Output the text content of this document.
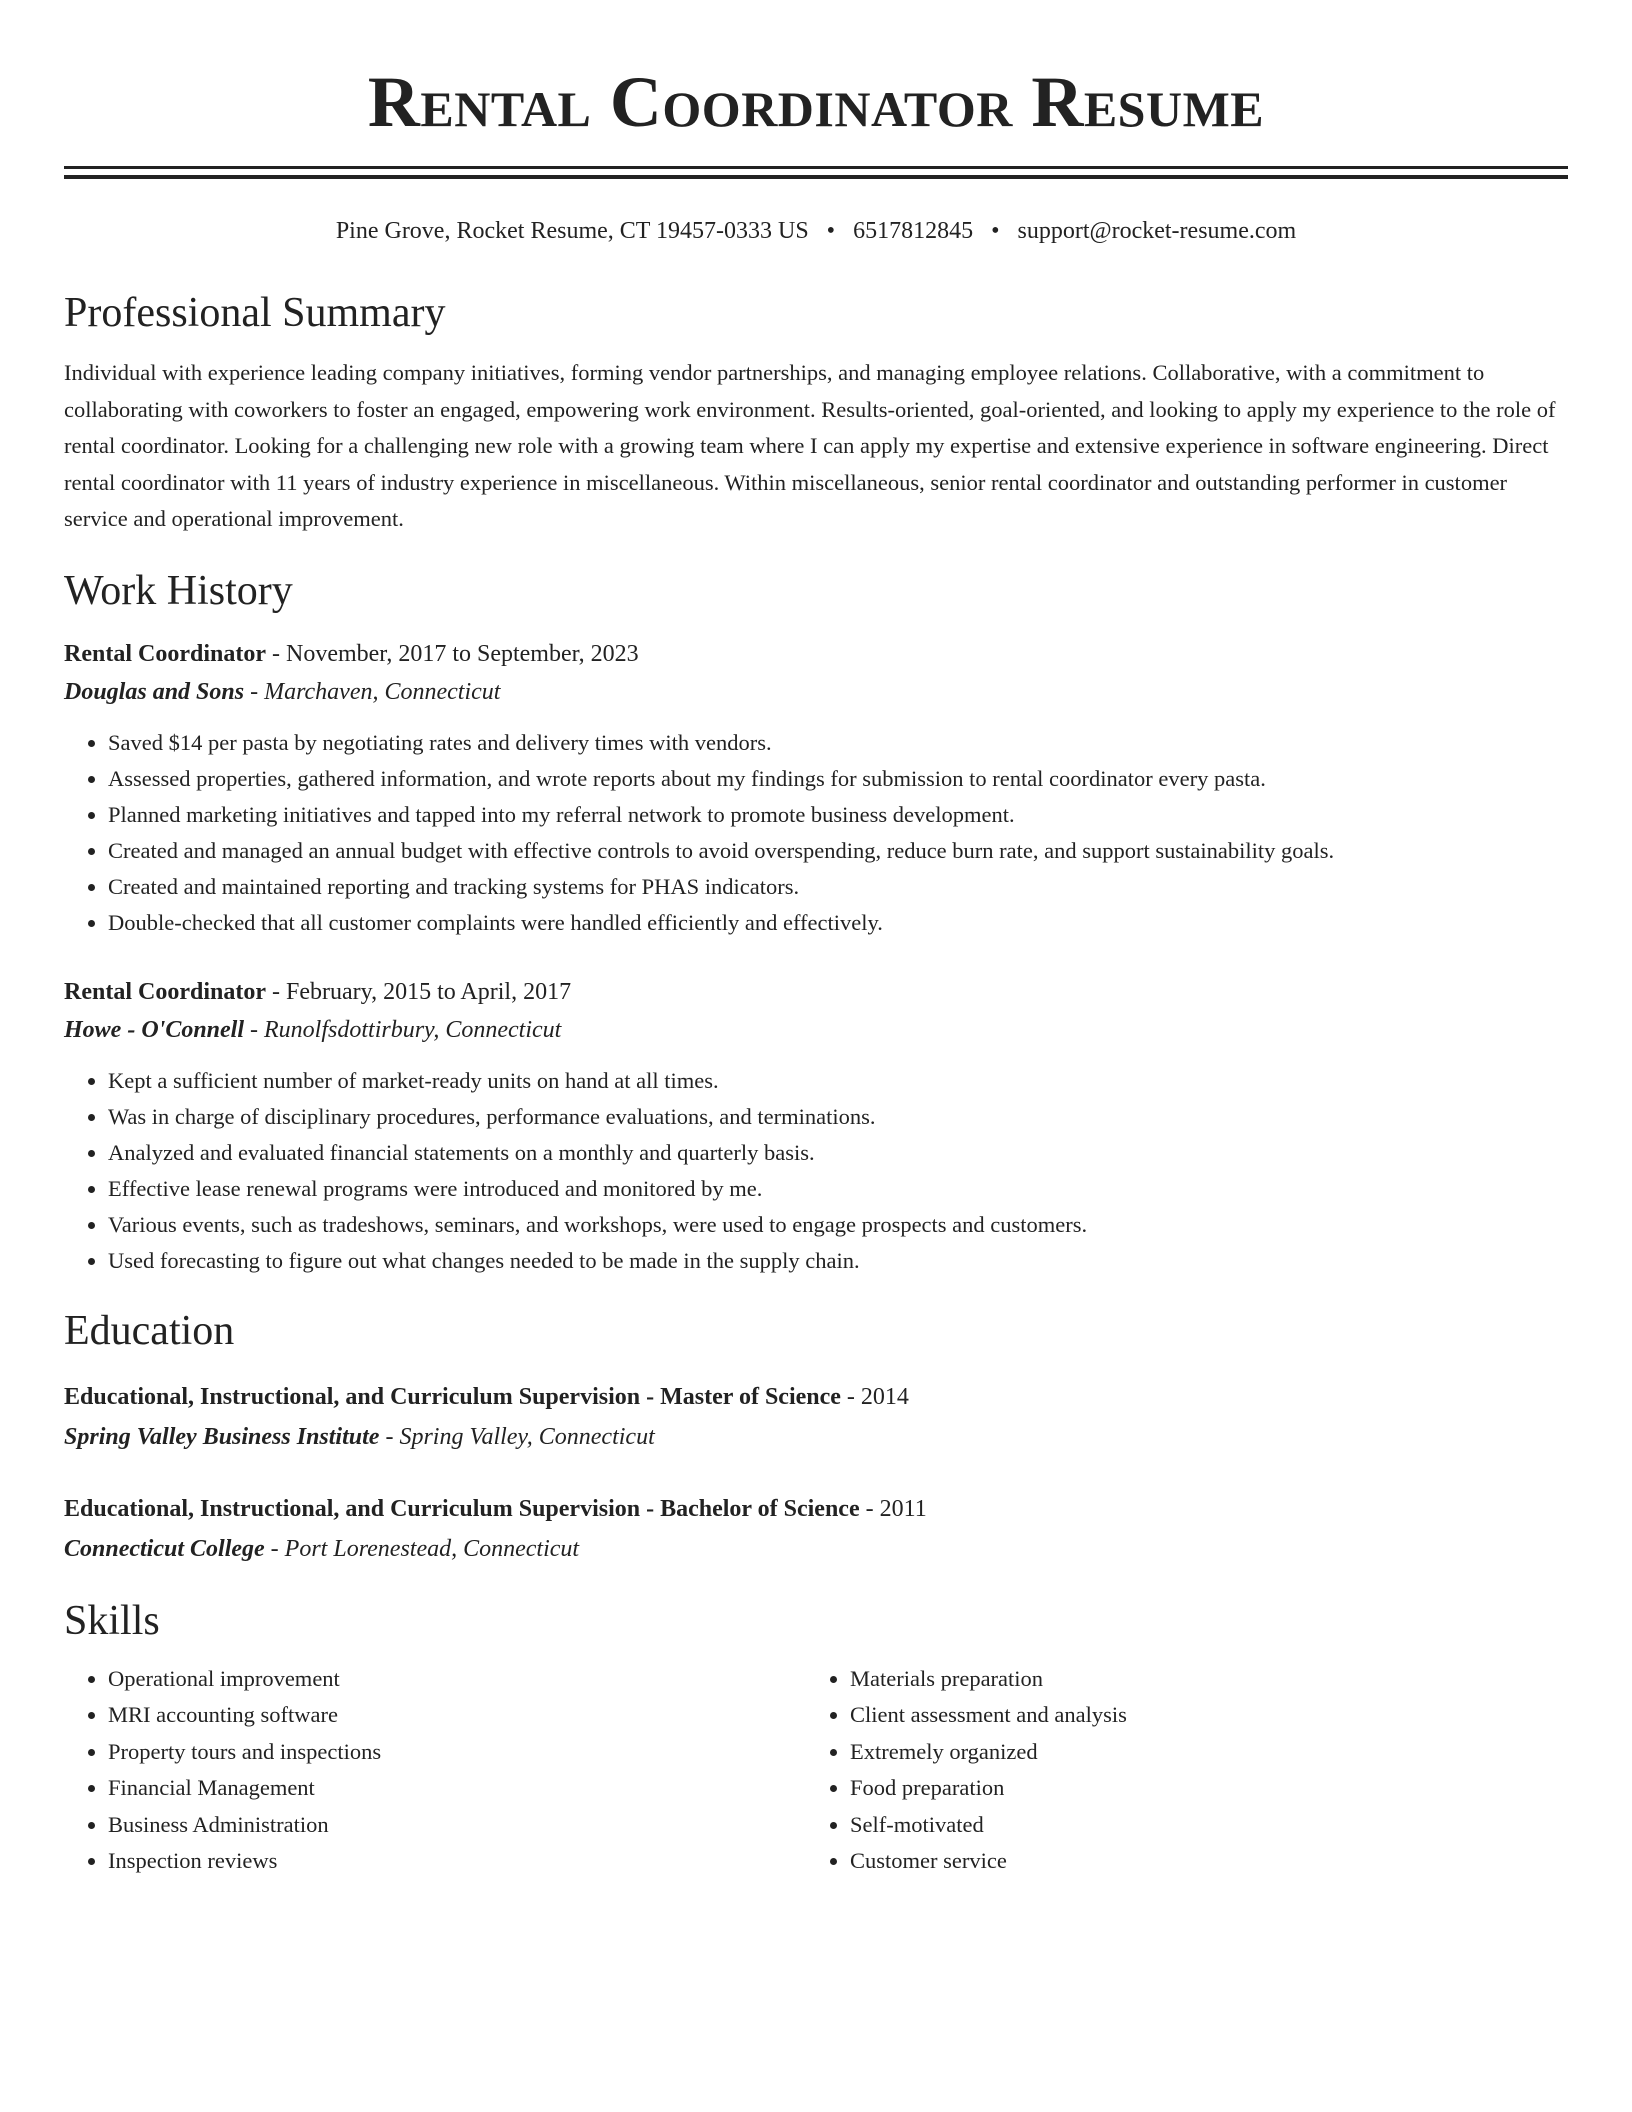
Rental Coordinator Resume
Pine Grove, Rocket Resume, CT 19457-0333 US • 6517812845 • support@rocket-resume.com
Professional Summary
Individual with experience leading company initiatives, forming vendor partnerships, and managing employee relations. Collaborative, with a commitment to collaborating with coworkers to foster an engaged, empowering work environment. Results-oriented, goal-oriented, and looking to apply my experience to the role of rental coordinator. Looking for a challenging new role with a growing team where I can apply my expertise and extensive experience in software engineering. Direct rental coordinator with 11 years of industry experience in miscellaneous. Within miscellaneous, senior rental coordinator and outstanding performer in customer service and operational improvement.
Work History
Rental Coordinator - November, 2017 to September, 2023
Douglas and Sons - Marchaven, Connecticut
• Saved $14 per pasta by negotiating rates and delivery times with vendors.
• Assessed properties, gathered information, and wrote reports about my findings for submission to rental coordinator every pasta.
• Planned marketing initiatives and tapped into my referral network to promote business development.
• Created and managed an annual budget with effective controls to avoid overspending, reduce burn rate, and support sustainability goals.
• Created and maintained reporting and tracking systems for PHAS indicators.
• Double-checked that all customer complaints were handled efficiently and effectively.
Rental Coordinator - February, 2015 to April, 2017
Howe - O'Connell - Runolfsdottirbury, Connecticut
• Kept a sufficient number of market-ready units on hand at all times.
• Was in charge of disciplinary procedures, performance evaluations, and terminations.
• Analyzed and evaluated financial statements on a monthly and quarterly basis.
• Effective lease renewal programs were introduced and monitored by me.
• Various events, such as tradeshows, seminars, and workshops, were used to engage prospects and customers.
• Used forecasting to figure out what changes needed to be made in the supply chain.
Education
Educational, Instructional, and Curriculum Supervision - Master of Science - 2014
Spring Valley Business Institute - Spring Valley, Connecticut
Educational, Instructional, and Curriculum Supervision - Bachelor of Science - 2011
Connecticut College - Port Lorenestead, Connecticut
Skills
• Operational improvement
• MRI accounting software
• Property tours and inspections
• Financial Management
• Business Administration
• Inspection reviews
• Materials preparation
• Client assessment and analysis
• Extremely organized
• Food preparation
• Self-motivated
• Customer service
